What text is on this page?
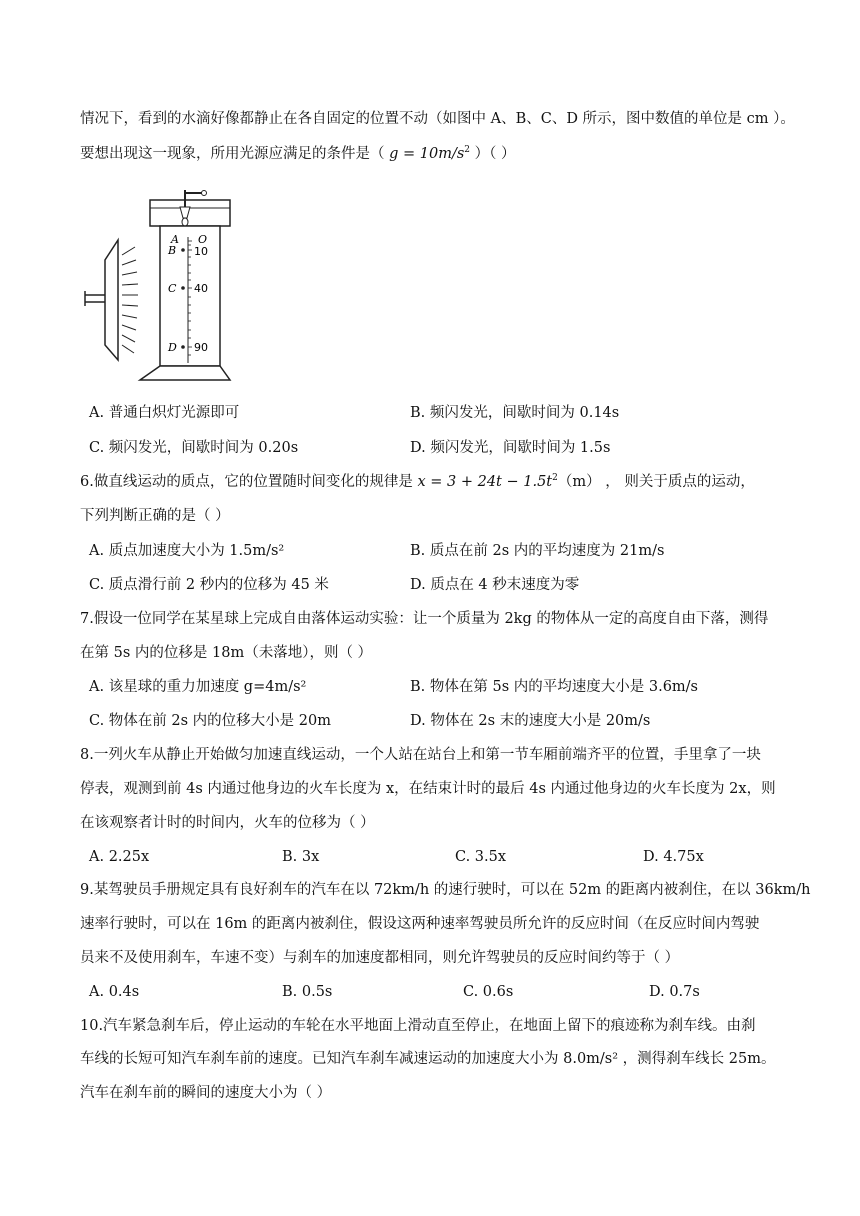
情况下，看到的水滴好像都静止在各自固定的位置不动（如图中 A、B、C、D 所示，图中数值的单位是 cm ）。
要想出现这一现象，所用光源应满足的条件是（ $g = 10m/s^2$ ）（ ）
A O
B 10
C 40
D 90
A. 普通白炽灯光源即可	B. 频闪发光，间歇时间为 0.14s
C. 频闪发光，间歇时间为 0.20s	D. 频闪发光，间歇时间为 1.5s
6.做直线运动的质点，它的位置随时间变化的规律是 $x = 3 + 24t - 1.5t^2(m)$ ， 则关于质点的运动，
下列判断正确的是（ ）
A. 质点加速度大小为 1.5m/s²	B. 质点在前 2s 内的平均速度为 21m/s
C. 质点滑行前 2 秒内的位移为 45 米	D. 质点在 4 秒末速度为零
7.假设一位同学在某星球上完成自由落体运动实验：让一个质量为 2kg 的物体从一定的高度自由下落，测得
在第 5s 内的位移是 18m（未落地），则（ ）
A. 该星球的重力加速度 g=4m/s²	B. 物体在第 5s 内的平均速度大小是 3.6m/s
C. 物体在前 2s 内的位移大小是 20m	D. 物体在 2s 末的速度大小是 20m/s
8.一列火车从静止开始做匀加速直线运动，一个人站在站台上和第一节车厢前端齐平的位置，手里拿了一块
停表，观测到前 4s 内通过他身边的火车长度为 x，在结束计时的最后 4s 内通过他身边的火车长度为 2x，则
在该观察者计时的时间内，火车的位移为（ ）
A. 2.25x	B. 3x	C. 3.5x	D. 4.75x
9.某驾驶员手册规定具有良好刹车的汽车在以 72km/h 的速行驶时，可以在 52m 的距离内被刹住，在以 36km/h
速率行驶时，可以在 16m 的距离内被刹住，假设这两种速率驾驶员所允许的反应时间（在反应时间内驾驶
员来不及使用刹车，车速不变）与刹车的加速度都相同，则允许驾驶员的反应时间约等于（ ）
A. 0.4s	B. 0.5s	C. 0.6s	D. 0.7s
10.汽车紧急刹车后，停止运动的车轮在水平地面上滑动直至停止，在地面上留下的痕迹称为刹车线。由刹
车线的长短可知汽车刹车前的速度。已知汽车刹车减速运动的加速度大小为 8.0m/s² ，测得刹车线长 25m。
汽车在刹车前的瞬间的速度大小为（ ）
